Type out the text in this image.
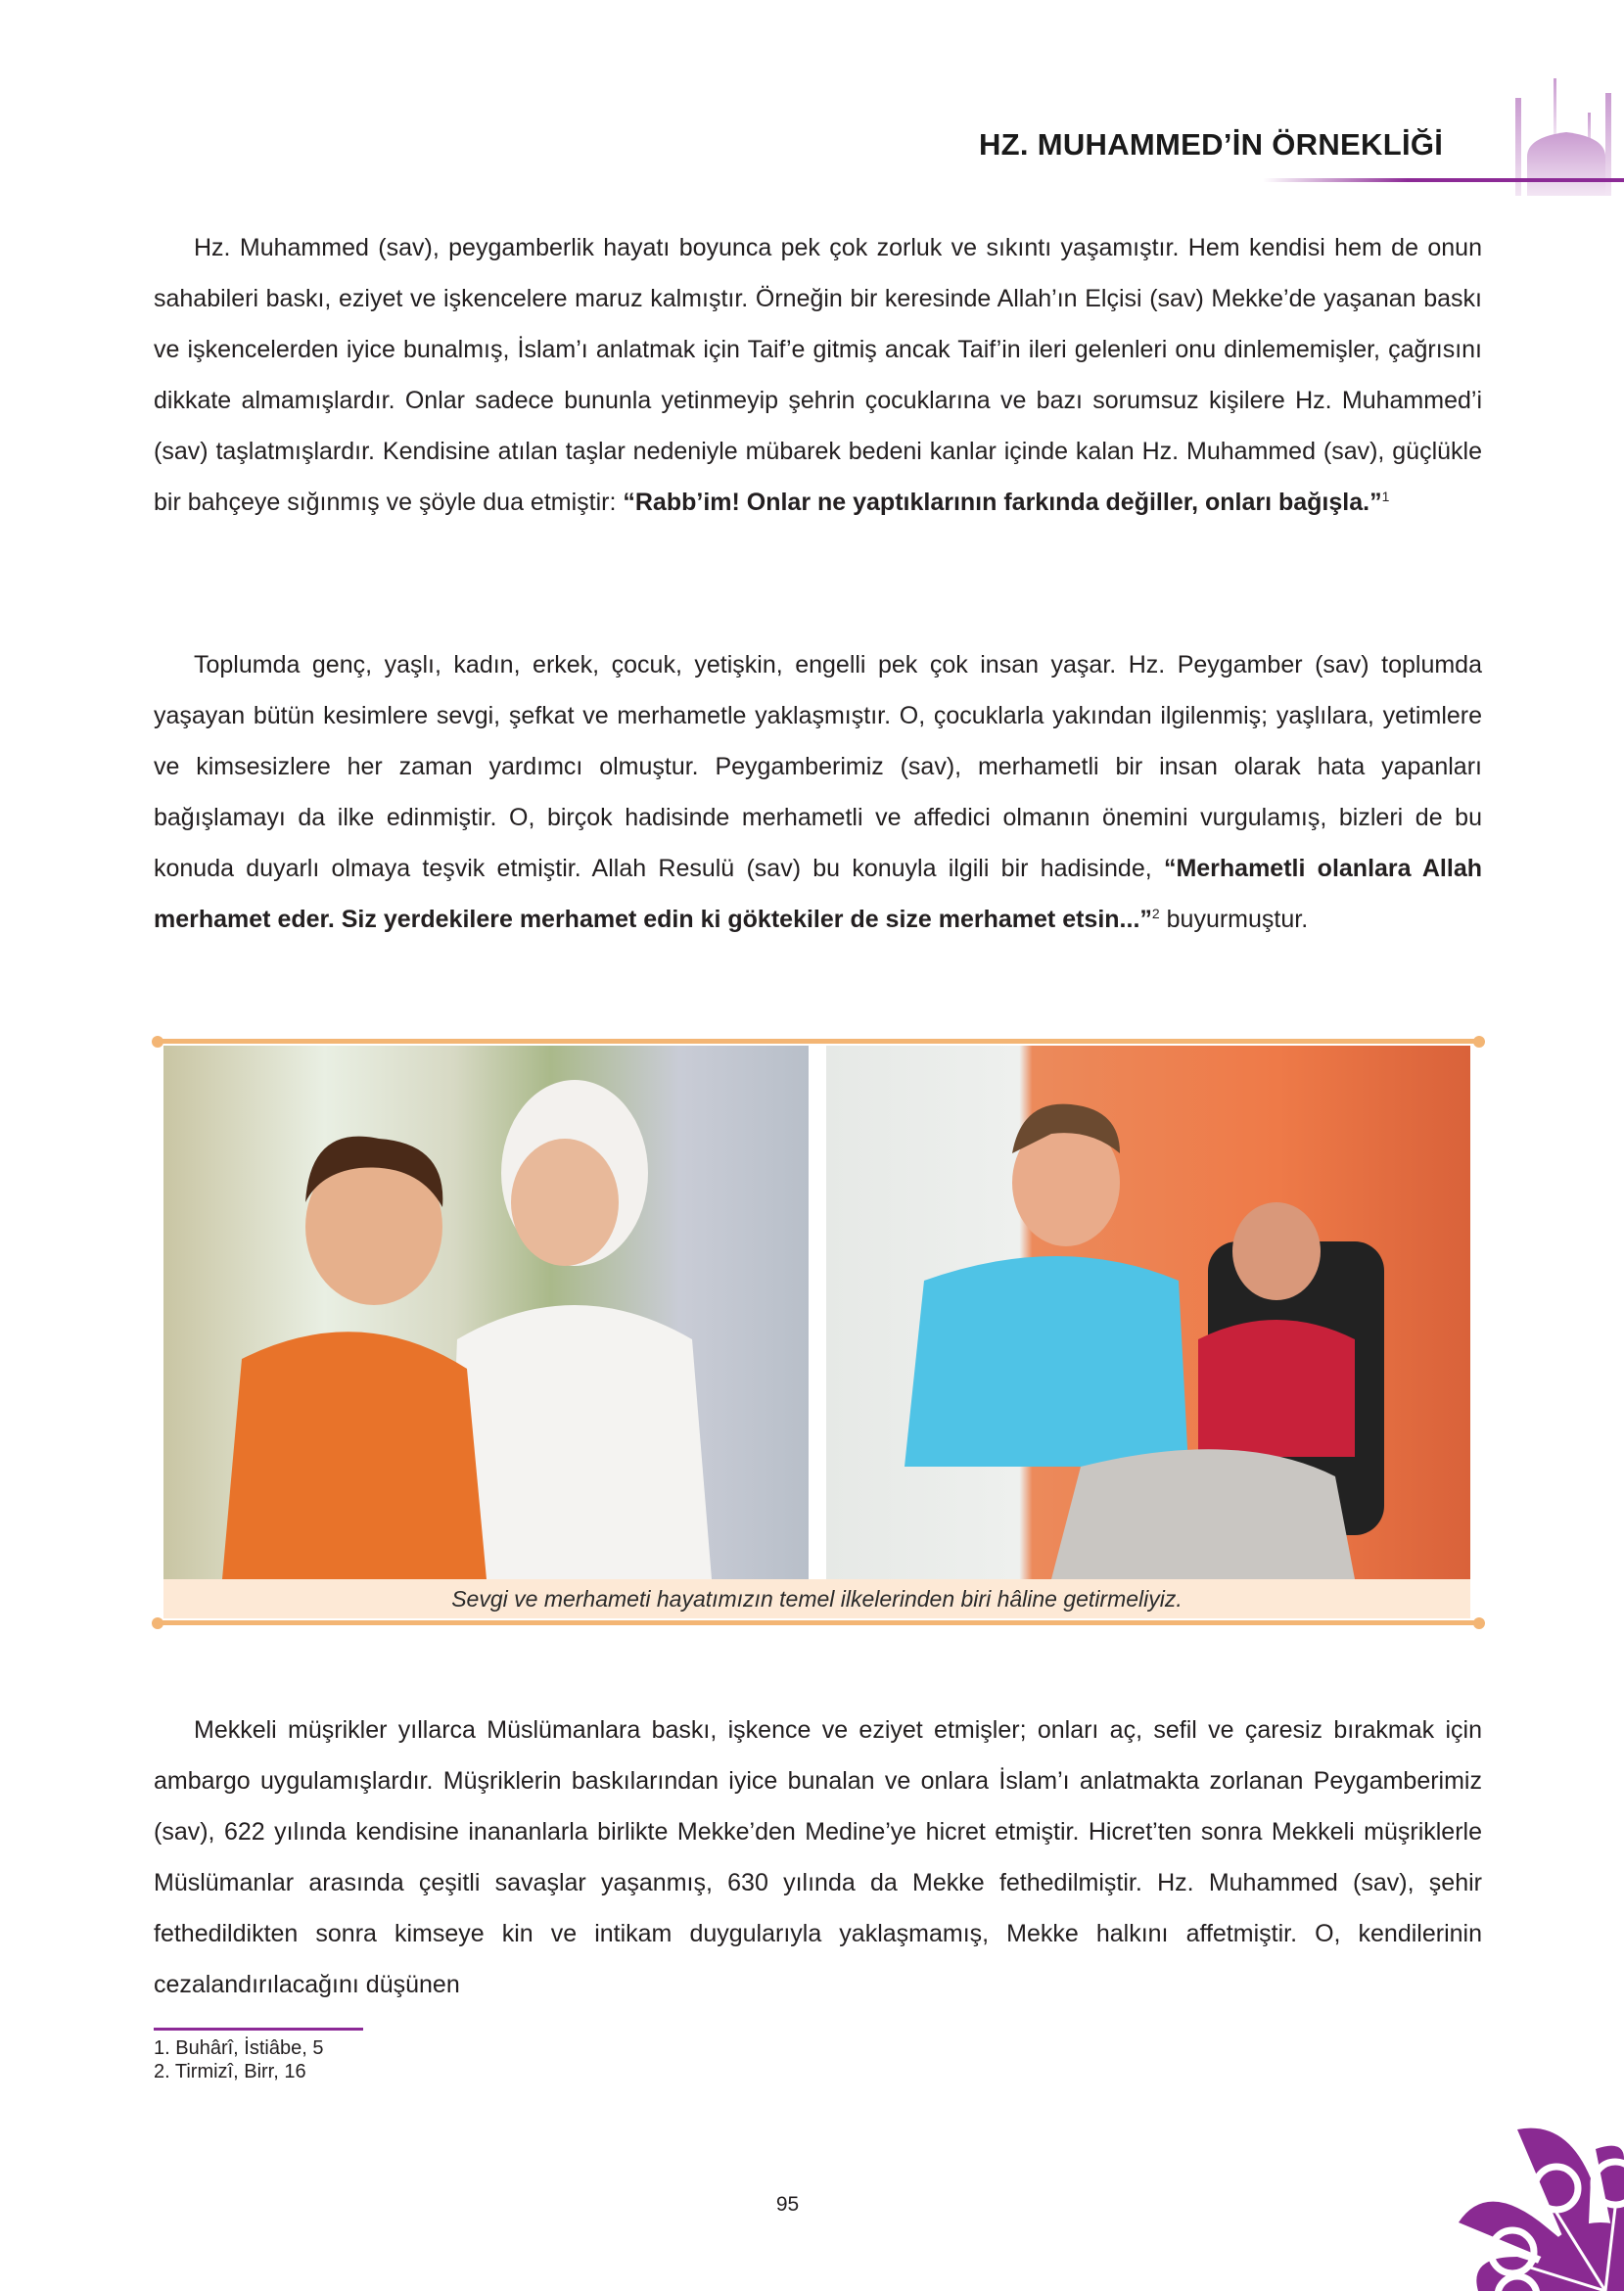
HZ. MUHAMMED’İN ÖRNEKLİĞİ

Hz. Muhammed (sav), peygamberlik hayatı boyunca pek çok zorluk ve sıkıntı yaşamıştır. Hem kendisi hem de onun sahabileri baskı, eziyet ve işkencelere maruz kalmıştır. Örneğin bir keresinde Allah’ın Elçisi (sav) Mekke’de yaşanan baskı ve işkencelerden iyice bunalmış, İslam’ı anlatmak için Taif’e gitmiş ancak Taif’in ileri gelenleri onu dinlememişler, çağrısını dikkate almamışlardır. Onlar sadece bununla yetinmeyip şehrin çocuklarına ve bazı sorumsuz kişilere Hz. Muhammed’i (sav) taşlatmışlardır. Kendisine atılan taşlar nedeniyle mübarek bedeni kanlar içinde kalan Hz. Muhammed (sav), güçlükle bir bahçeye sığınmış ve şöyle dua etmiştir: “Rabb’im! Onlar ne yaptıklarının farkında değiller, onları bağışla.”$^1$

Toplumda genç, yaşlı, kadın, erkek, çocuk, yetişkin, engelli pek çok insan yaşar. Hz. Peygamber (sav) toplumda yaşayan bütün kesimlere sevgi, şefkat ve merhametle yaklaşmıştır. O, çocuklarla yakından ilgilenmiş; yaşlılara, yetimlere ve kimsesizlere her zaman yardımcı olmuştur. Peygamberimiz (sav), merhametli bir insan olarak hata yapanları bağışlamayı da ilke edinmiştir. O, birçok hadisinde merhametli ve affedici olmanın önemini vurgulamış, bizleri de bu konuda duyarlı olmaya teşvik etmiştir. Allah Resulü (sav) bu konuyla ilgili bir hadisinde, “Merhametli olanlara Allah merhamet eder. Siz yerdekilere merhamet edin ki göktekiler de size merhamet etsin...”$^2$ buyurmuştur.

Sevgi ve merhameti hayatımızın temel ilkelerinden biri hâline getirmeliyiz.

Mekkeli müşrikler yıllarca Müslümanlara baskı, işkence ve eziyet etmişler; onları aç, sefil ve çaresiz bırakmak için ambargo uygulamışlardır. Müşriklerin baskılarından iyice bunalan ve onlara İslam’ı anlatmakta zorlanan Peygamberimiz (sav), 622 yılında kendisine inananlarla birlikte Mekke’den Medine’ye hicret etmiştir. Hicret’ten sonra Mekkeli müşriklerle Müslümanlar arasında çeşitli savaşlar yaşanmış, 630 yılında da Mekke fethedilmiştir. Hz. Muhammed (sav), şehir fethedildikten sonra kimseye kin ve intikam duygularıyla yaklaşmamış, Mekke halkını affetmiştir. O, kendilerinin cezalandırılacağını düşünen

1. Buhârî, İstiâbe, 5
2. Tirmizî, Birr, 16
95
